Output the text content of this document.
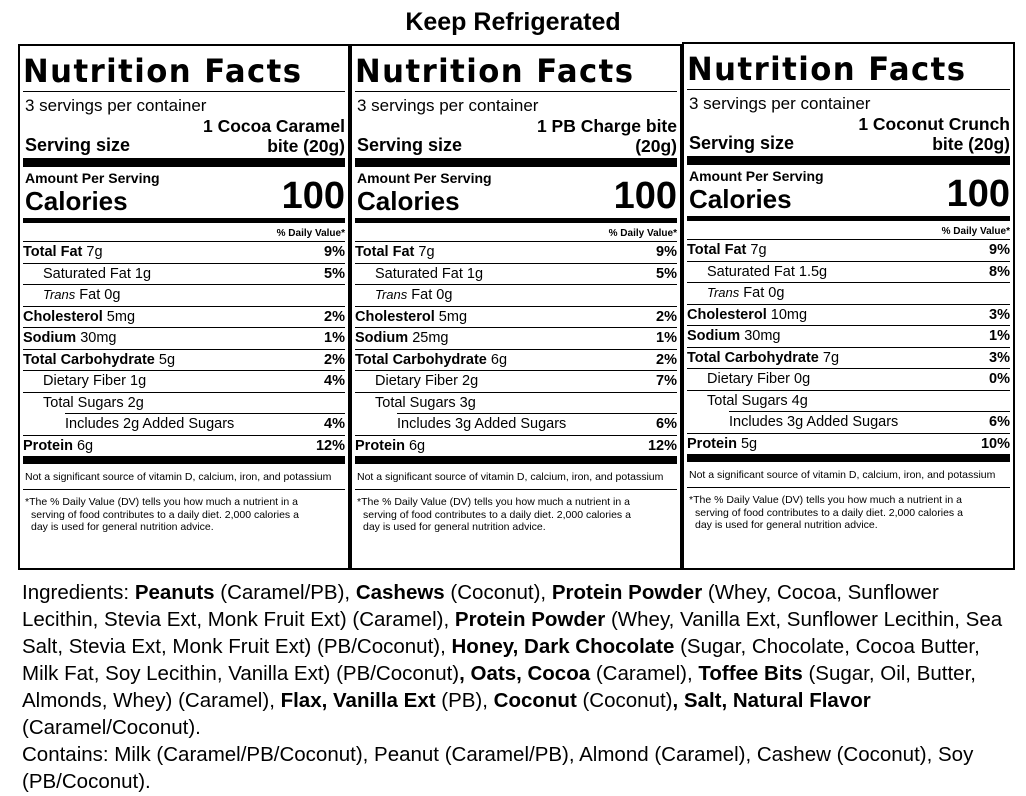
Keep Refrigerated
Nutrition Facts
3 servings per container
Serving size
1 Cocoa Caramel
bite (20g)
Amount Per Serving
Calories	100
% Daily Value*
Total Fat 7g	9%
Saturated Fat 1g	5%
Trans Fat 0g
Cholesterol 5mg	2%
Sodium 30mg	1%
Total Carbohydrate 5g	2%
Dietary Fiber 1g	4%
Total Sugars 2g
Includes 2g Added Sugars	4%
Protein 6g	12%
Not a significant source of vitamin D, calcium, iron, and potassium
*The % Daily Value (DV) tells you how much a nutrient in a
serving of food contributes to a daily diet. 2,000 calories a
day is used for general nutrition advice.
Nutrition Facts
3 servings per container
Serving size
1 PB Charge bite
(20g)
Amount Per Serving
Calories	100
% Daily Value*
Total Fat 7g	9%
Saturated Fat 1g	5%
Trans Fat 0g
Cholesterol 5mg	2%
Sodium 25mg	1%
Total Carbohydrate 6g	2%
Dietary Fiber 2g	7%
Total Sugars 3g
Includes 3g Added Sugars	6%
Protein 6g	12%
Not a significant source of vitamin D, calcium, iron, and potassium
*The % Daily Value (DV) tells you how much a nutrient in a
serving of food contributes to a daily diet. 2,000 calories a
day is used for general nutrition advice.
Nutrition Facts
3 servings per container
Serving size
1 Coconut Crunch
bite (20g)
Amount Per Serving
Calories	100
% Daily Value*
Total Fat 7g	9%
Saturated Fat 1.5g	8%
Trans Fat 0g
Cholesterol 10mg	3%
Sodium 30mg	1%
Total Carbohydrate 7g	3%
Dietary Fiber 0g	0%
Total Sugars 4g
Includes 3g Added Sugars	6%
Protein 5g	10%
Not a significant source of vitamin D, calcium, iron, and potassium
*The % Daily Value (DV) tells you how much a nutrient in a
serving of food contributes to a daily diet. 2,000 calories a
day is used for general nutrition advice.
Ingredients: Peanuts (Caramel/PB), Cashews (Coconut), Protein Powder (Whey, Cocoa, Sunflower Lecithin, Stevia Ext, Monk Fruit Ext) (Caramel), Protein Powder (Whey, Vanilla Ext, Sunflower Lecithin, Sea Salt, Stevia Ext, Monk Fruit Ext) (PB/Coconut), Honey, Dark Chocolate (Sugar, Chocolate, Cocoa Butter, Milk Fat, Soy Lecithin, Vanilla Ext) (PB/Coconut), Oats, Cocoa (Caramel), Toffee Bits (Sugar, Oil, Butter, Almonds, Whey) (Caramel), Flax, Vanilla Ext (PB), Coconut (Coconut), Salt, Natural Flavor (Caramel/Coconut).
Contains: Milk (Caramel/PB/Coconut), Peanut (Caramel/PB), Almond (Caramel), Cashew (Coconut), Soy (PB/Coconut).
